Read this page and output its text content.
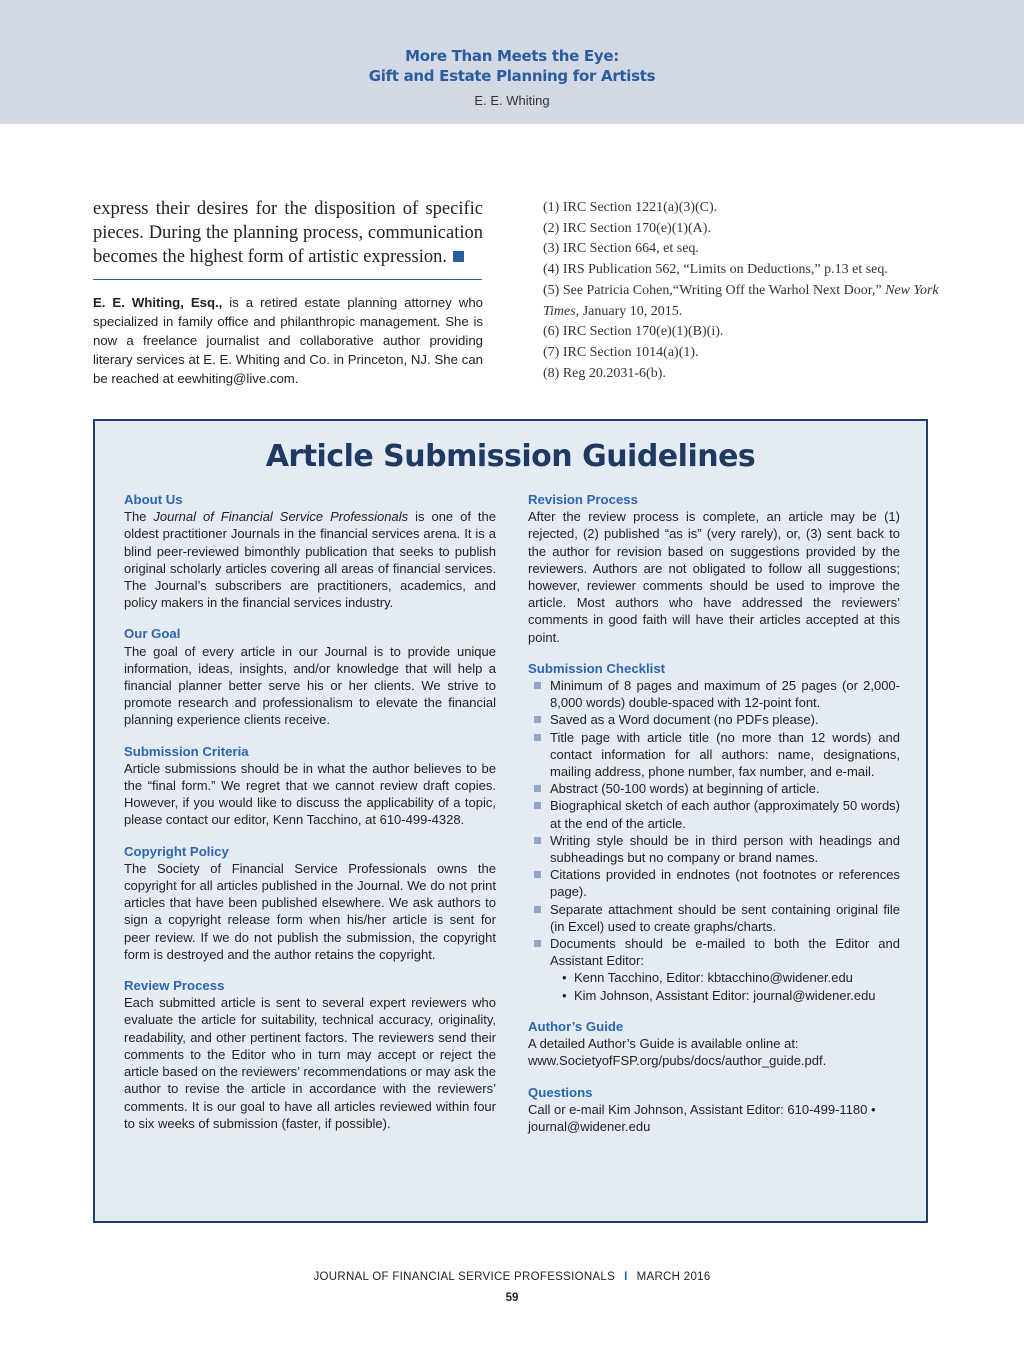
More Than Meets the Eye:
Gift and Estate Planning for Artists
E. E. Whiting
express their desires for the disposition of specific pieces. During the planning process, communication becomes the highest form of artistic expression.
E. E. Whiting, Esq., is a retired estate planning attorney who specialized in family office and philanthropic management. She is now a freelance journalist and collaborative author providing literary services at E. E. Whiting and Co. in Princeton, NJ. She can be reached at eewhiting@live.com.
(1) IRC Section 1221(a)(3)(C).
(2) IRC Section 170(e)(1)(A).
(3) IRC Section 664, et seq.
(4) IRS Publication 562, “Limits on Deductions,” p.13 et seq.
(5) See Patricia Cohen,“Writing Off the Warhol Next Door,” New York Times, January 10, 2015.
(6) IRC Section 170(e)(1)(B)(i).
(7) IRC Section 1014(a)(1).
(8) Reg 20.2031-6(b).
Article Submission Guidelines
About Us

The Journal of Financial Service Professionals is one of the oldest practitioner Journals in the financial services arena. It is a blind peer-reviewed bimonthly publication that seeks to publish original scholarly articles covering all areas of financial services. The Journal’s subscribers are practitioners, academics, and policy makers in the financial services industry.

Our Goal

The goal of every article in our Journal is to provide unique information, ideas, insights, and/or knowledge that will help a financial planner better serve his or her clients. We strive to promote research and professionalism to elevate the financial planning experience clients receive.

Submission Criteria

Article submissions should be in what the author believes to be the “final form.” We regret that we cannot review draft copies. However, if you would like to discuss the applicability of a topic, please contact our editor, Kenn Tacchino, at 610-499-4328.

Copyright Policy

The Society of Financial Service Professionals owns the copyright for all articles published in the Journal. We do not print articles that have been published elsewhere. We ask authors to sign a copyright release form when his/her article is sent for peer review. If we do not publish the submission, the copyright form is destroyed and the author retains the copyright.

Review Process

Each submitted article is sent to several expert reviewers who evaluate the article for suitability, technical accuracy, originality, readability, and other pertinent factors. The reviewers send their comments to the Editor who in turn may accept or reject the article based on the reviewers’ recommendations or may ask the author to revise the article in accordance with the reviewers’ comments. It is our goal to have all articles reviewed within four to six weeks of submission (faster, if possible).

Revision Process

After the review process is complete, an article may be (1) rejected, (2) published “as is” (very rarely), or, (3) sent back to the author for revision based on suggestions provided by the reviewers. Authors are not obligated to follow all suggestions; however, reviewer comments should be used to improve the article. Most authors who have addressed the reviewers’ comments in good faith will have their articles accepted at this point.

Submission Checklist
Minimum of 8 pages and maximum of 25 pages (or 2,000-8,000 words) double-spaced with 12-point font.
Saved as a Word document (no PDFs please).
Title page with article title (no more than 12 words) and contact information for all authors: name, designations, mailing address, phone number, fax number, and e-mail.
Abstract (50-100 words) at beginning of article.
Biographical sketch of each author (approximately 50 words) at the end of the article.
Writing style should be in third person with headings and subheadings but no company or brand names.
Citations provided in endnotes (not footnotes or references page).
Separate attachment should be sent containing original file (in Excel) used to create graphs/charts.
Documents should be e-mailed to both the Editor and Assistant Editor:
• Kenn Tacchino, Editor: kbtacchino@widener.edu
• Kim Johnson, Assistant Editor: journal@widener.edu
Author’s Guide

A detailed Author’s Guide is available online at: www.SocietyofFSP.org/pubs/docs/author_guide.pdf.

Questions

Call or e-mail Kim Johnson, Assistant Editor: 610-499-1180 • journal@widener.edu

JOURNAL OF FINANCIAL SERVICE PROFESSIONALS I MARCH 2016
59
